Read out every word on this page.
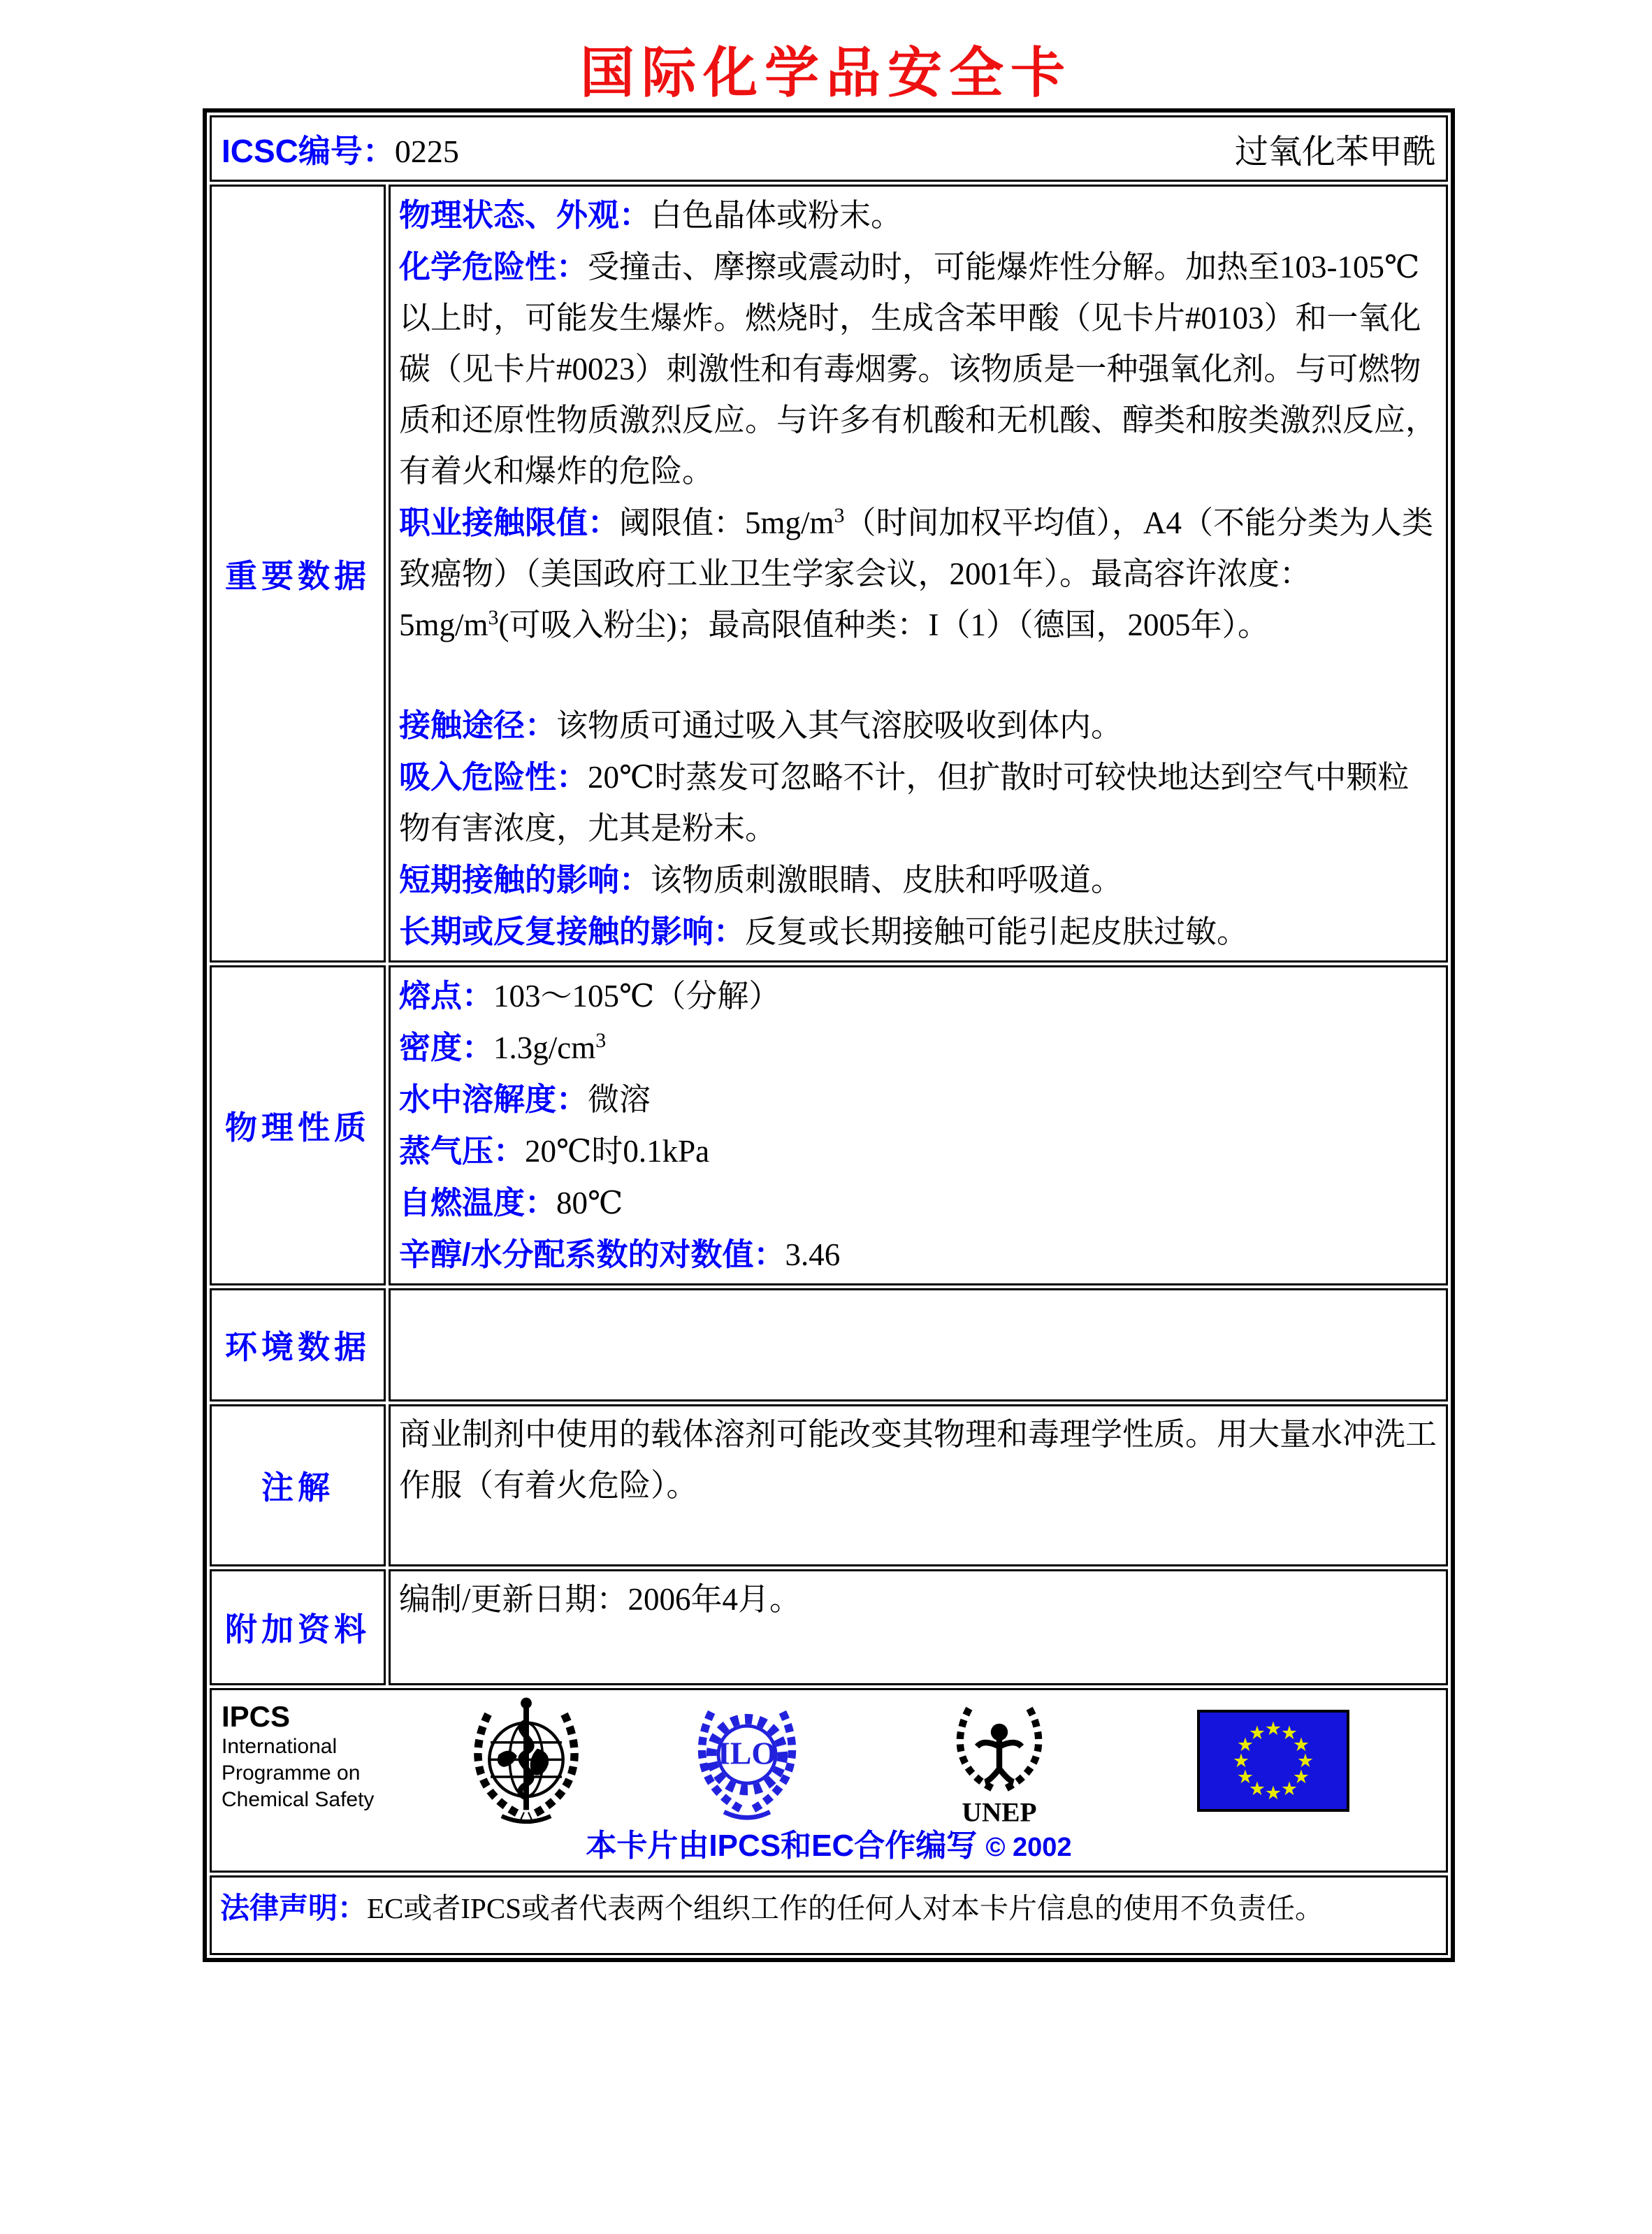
国际化学品安全卡
ICSC编号：0225 过氧化苯甲酰	

重要数据	
物理状态、外观：白色晶体或粉末。
化学危险性：受撞击、摩擦或震动时，可能爆炸性分解。加热至103-105℃以上时，可能发生爆炸。燃烧时，生成含苯甲酸（见卡片#0103）和一氧化碳（见卡片#0023）刺激性和有毒烟雾。该物质是一种强氧化剂。与可燃物质和还原性物质激烈反应。与许多有机酸和无机酸、醇类和胺类激烈反应，有着火和爆炸的危险。
职业接触限值：阈限值：$5mg/m^3$（时间加权平均值），A4（不能分类为人类致癌物）（美国政府工业卫生学家会议，2001年）。最高容许浓度：$5mg/m^3$(可吸入粉尘)；最高限值种类：I（1）（德国，2005年）。
接触途径：该物质可通过吸入其气溶胶吸收到体内。
吸入危险性：20℃时蒸发可忽略不计，但扩散时可较快地达到空气中颗粒物有害浓度，尤其是粉末。
短期接触的影响：该物质刺激眼睛、皮肤和呼吸道。
长期或反复接触的影响：反复或长期接触可能引起皮肤过敏。

物理性质	
熔点：103～105℃（分解）
密度：$1.3g/cm^3$
水中溶解度：微溶
蒸气压：20℃时0.1kPa
自燃温度：80℃
辛醇/水分配系数的对数值：3.46

环境数据	
注解	商业制剂中使用的载体溶剂可能改变其物理和毒理学性质。用大量水冲洗工作服（有着火危险）。
附加资料	编制/更新日期：2006年4月。

IPCS
International
Programme on
Chemical Safety
ILO
UNEP
★
★
★
★
★
★
★
★
★
★
★
★
本卡片由IPCS和EC合作编写 © 2002

法律声明：EC或者IPCS或者代表两个组织工作的任何人对本卡片信息的使用不负责任。	
